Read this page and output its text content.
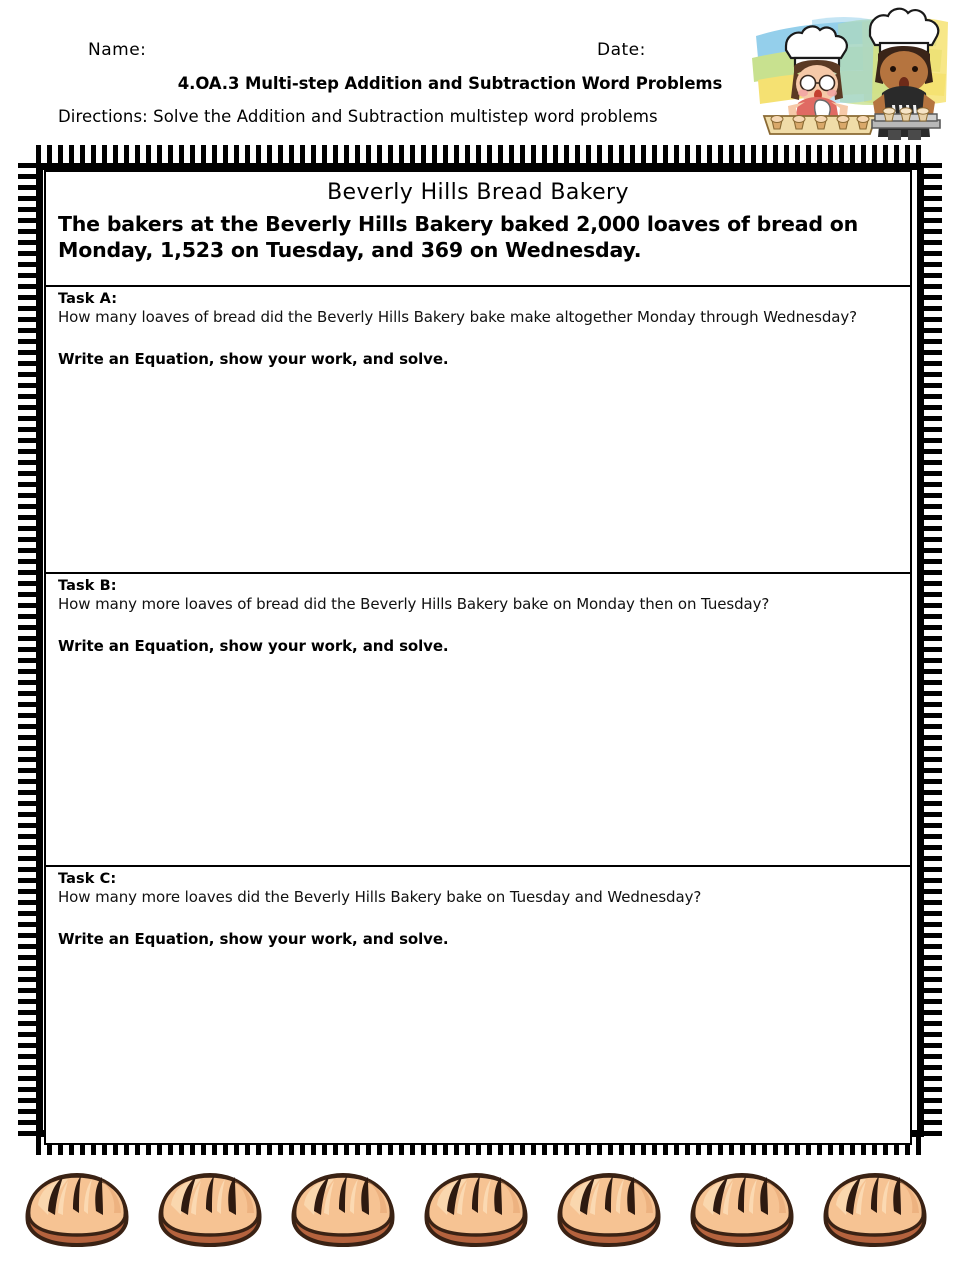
Name:	Date:
4.OA.3 Multi-step Addition and Subtraction Word Problems
Directions: Solve the Addition and Subtraction multistep word problems
Beverly Hills Bread Bakery
The bakers at the Beverly Hills Bakery baked 2,000 loaves of bread on Monday, 1,523 on Tuesday, and 369 on Wednesday.
Task A:
How many loaves of bread did the Beverly Hills Bakery bake make altogether Monday through Wednesday?
Write an Equation, show your work, and solve.
Task B:
How many more loaves of bread did the Beverly Hills Bakery bake on Monday then on Tuesday?
Write an Equation, show your work, and solve.
Task C:
How many more loaves did the Beverly Hills Bakery bake on Tuesday and Wednesday?
Write an Equation, show your work, and solve.
